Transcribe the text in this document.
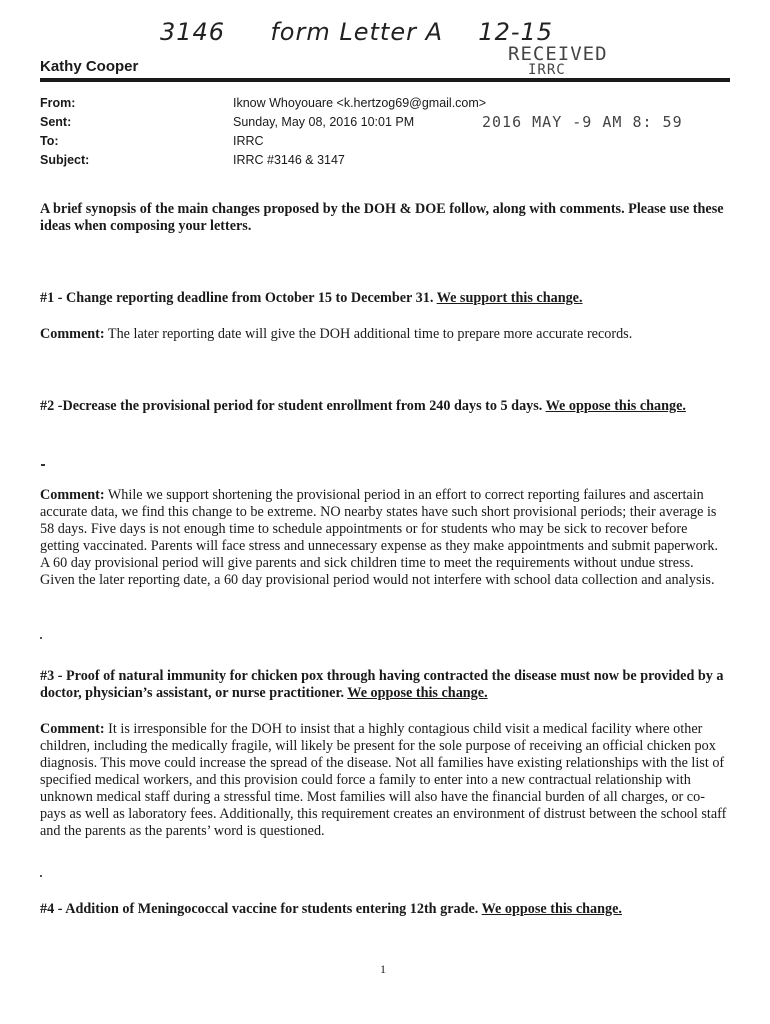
3146 form Letter A 12-15
RECEIVED
IRRC
2016 MAY -9 AM 8: 59
Kathy Cooper
From:	Iknow Whoyouare <k.hertzog69@gmail.com>
Sent:	Sunday, May 08, 2016 10:01 PM
To:	IRRC
Subject:	IRRC #3146 & 3147

A brief synopsis of the main changes proposed by the DOH & DOE follow, along with comments. Please use these ideas when composing your letters.

#1 - Change reporting deadline from October 15 to December 31. We support this change.

Comment: The later reporting date will give the DOH additional time to prepare more accurate records.

#2 -Decrease the provisional period for student enrollment from 240 days to 5 days. We oppose this change.

Comment: While we support shortening the provisional period in an effort to correct reporting failures and ascertain accurate data, we find this change to be extreme. NO nearby states have such short provisional periods; their average is 58 days. Five days is not enough time to schedule appointments or for students who may be sick to recover before getting vaccinated. Parents will face stress and unnecessary expense as they make appointments and submit paperwork. A 60 day provisional period will give parents and sick children time to meet the requirements without undue stress. Given the later reporting date, a 60 day provisional period would not interfere with school data collection and analysis.

#3 - Proof of natural immunity for chicken pox through having contracted the disease must now be provided by a doctor, physician’s assistant, or nurse practitioner. We oppose this change.

Comment: It is irresponsible for the DOH to insist that a highly contagious child visit a medical facility where other children, including the medically fragile, will likely be present for the sole purpose of receiving an official chicken pox diagnosis. This move could increase the spread of the disease. Not all families have existing relationships with the list of specified medical workers, and this provision could force a family to enter into a new contractual relationship with unknown medical staff during a stressful time. Most families will also have the financial burden of all charges, or co-pays as well as laboratory fees. Additionally, this requirement creates an environment of distrust between the school staff and the parents as the parents’ word is questioned.

#4 - Addition of Meningococcal vaccine for students entering 12th grade. We oppose this change.

1
